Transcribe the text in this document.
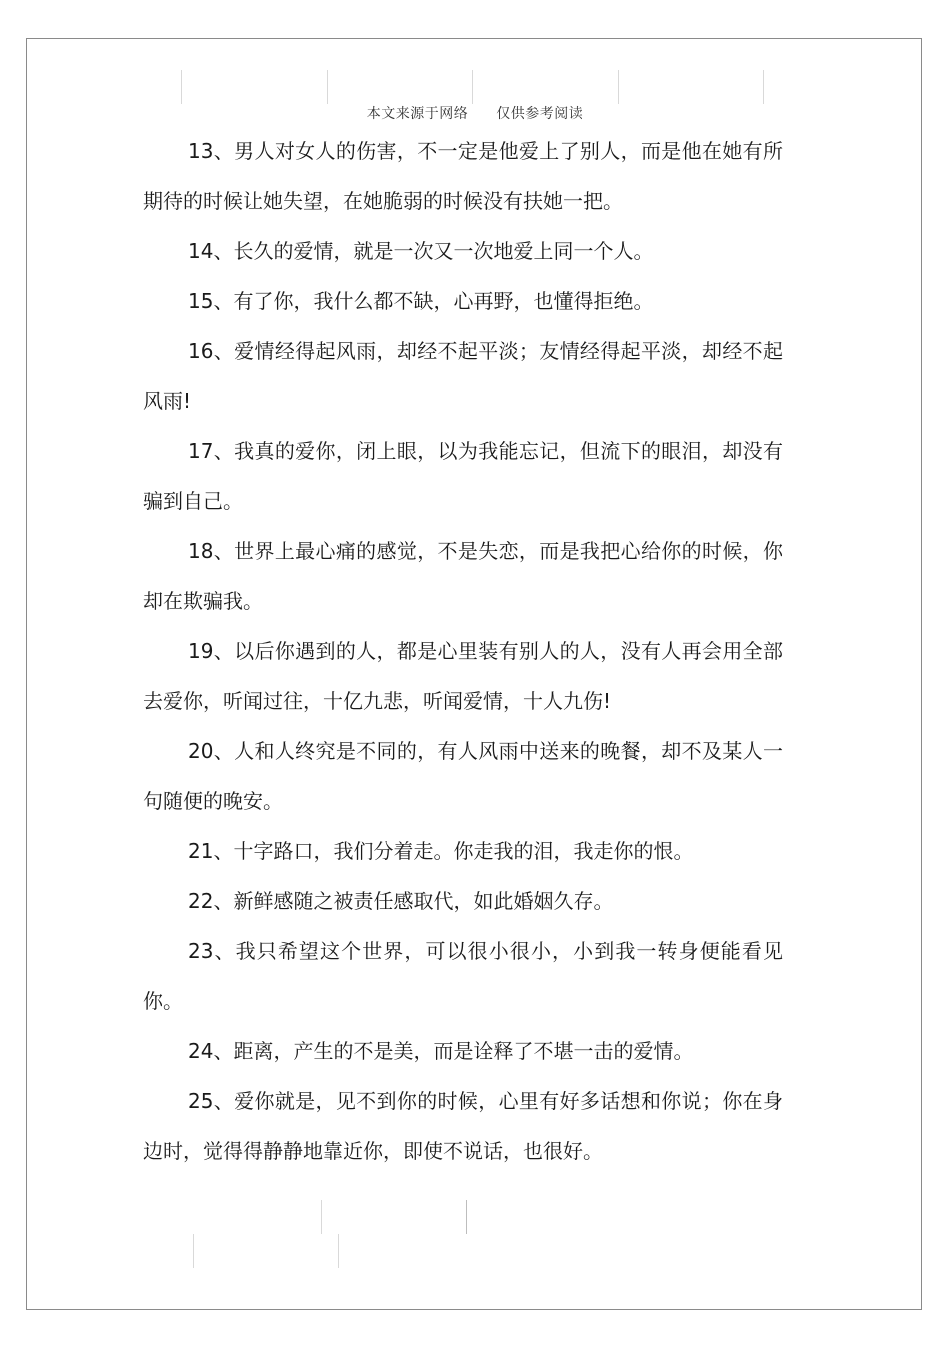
本文来源于网络 仅供参考阅读

13、男人对女人的伤害，不一定是他爱上了别人，而是他在她有所期待的时候让她失望，在她脆弱的时候没有扶她一把。

14、长久的爱情，就是一次又一次地爱上同一个人。

15、有了你，我什么都不缺，心再野，也懂得拒绝。

16、爱情经得起风雨，却经不起平淡；友情经得起平淡，却经不起风雨!

17、我真的爱你，闭上眼，以为我能忘记，但流下的眼泪，却没有骗到自己。

18、世界上最心痛的感觉，不是失恋，而是我把心给你的时候，你却在欺骗我。

19、以后你遇到的人，都是心里装有别人的人，没有人再会用全部去爱你，听闻过往，十亿九悲，听闻爱情，十人九伤!

20、人和人终究是不同的，有人风雨中送来的晚餐，却不及某人一句随便的晚安。

21、十字路口，我们分着走。你走我的泪，我走你的恨。

22、新鲜感随之被责任感取代，如此婚姻久存。

23、我只希望这个世界，可以很小很小，小到我一转身便能看见你。

24、距离，产生的不是美，而是诠释了不堪一击的爱情。

25、爱你就是，见不到你的时候，心里有好多话想和你说；你在身边时，觉得得静静地靠近你，即使不说话，也很好。
